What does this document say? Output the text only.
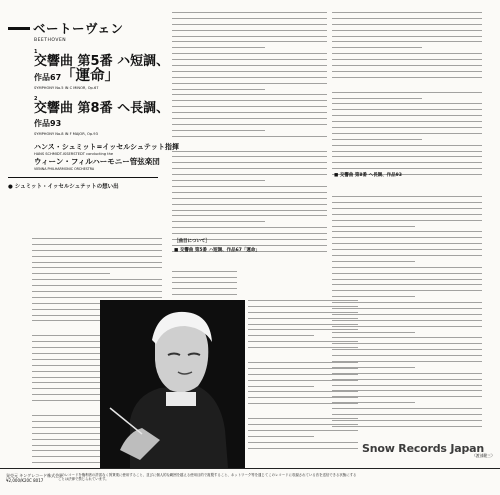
ベートーヴェン
BEETHOVEN
1
交響曲 第5番 ハ短調、
作品67「運命」
SYMPHONY No.5 IN C MINOR, Op.67
2
交響曲 第8番 ヘ長調、
作品93
SYMPHONY No.8 IN F MAJOR, Op.93
ハンス・シュミット=イッセルシュテット指揮
HANS SCHMIDT-ISSERSTEDT conducting the
ウィーン・フィルハーモニー管弦楽団
VIENNA PHILHARMONIC ORCHESTRA
● シュミット・イッセルシュテットの想い出
［曲目について］
■ 交響曲 第5番 ハ短調、作品67「運命」
■ 交響曲 第8番 ヘ長調、作品93
Snow Records Japan
（渡部健三）
発売元 キングレコード株式会社
¥2,000/K20C 8017
このレコードを権利者の許諾なく賃貸業に使用すること、並びに個人的な範囲を越える使用目的で複製すること、ネットワーク等を通じてこのレコードに収録されている音を送信できる状態にすることは法律で禁じられています。
